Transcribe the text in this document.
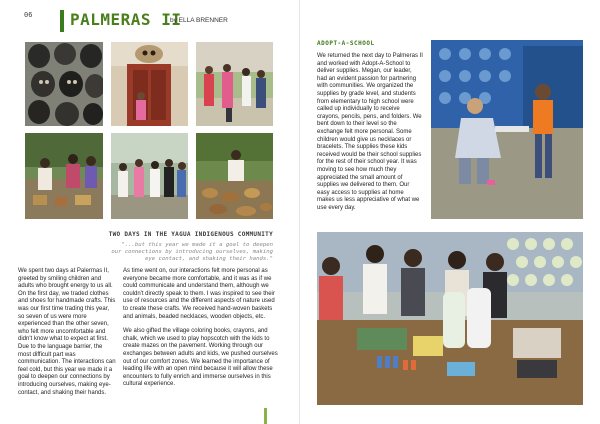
06 PALMERAS II
by ELLA BRENNER
TWO DAYS IN THE YAGUA INDIGENOUS COMMUNITY
"...but this year we made it a goal to deepen our connections by introducing ourselves, making eye contact, and shaking their hands."

We spent two days at Palermas II, greeted by smiling children and adults who brought energy to us all. On the first day, we traded clothes and shoes for handmade crafts. This was our first time trading this year, so seven of us were more experienced than the other seven, who felt more uncomfortable and didn't know what to expect at first. Due to the language barrier, the most difficult part was communication. The interactions can feel cold, but this year we made it a goal to deepen our connections by introducing ourselves, making eye-contact, and shaking their hands.

As time went on, our interactions felt more personal as everyone became more comfortable, and it was as if we could communicate and understand them, although we couldn't directly speak to them. I was inspired to see their use of resources and the different aspects of nature used to create these crafts. We received hand-woven baskets and animals, beaded necklaces, wooden objects, etc.

We also gifted the village coloring books, crayons, and chalk, which we used to play hopscotch with the kids to create mazes on the pavement. Working through our exchanges between adults and kids, we pushed ourselves out of our comfort zones. We learned the importance of leading life with an open mind because it will allow these encounters to fully enrich and immerse ourselves in this cultural experience.

ADOPT-A-SCHOOL

We returned the next day to Palmeras II and worked with Adopt-A-School to deliver supplies. Megan, our leader, had an evident passion for partnering with communities. We organized the supplies by grade level, and students from elementary to high school were called up individually to receive crayons, pencils, pens, and folders. We bent down to their level so the exchange felt more personal. Some children would give us necklaces or bracelets. The supplies these kids received would be their school supplies for the rest of their school year. It was moving to see how much they appreciated the small amount of supplies we delivered to them. Our easy access to supplies at home makes us less appreciative of what we use every day.
